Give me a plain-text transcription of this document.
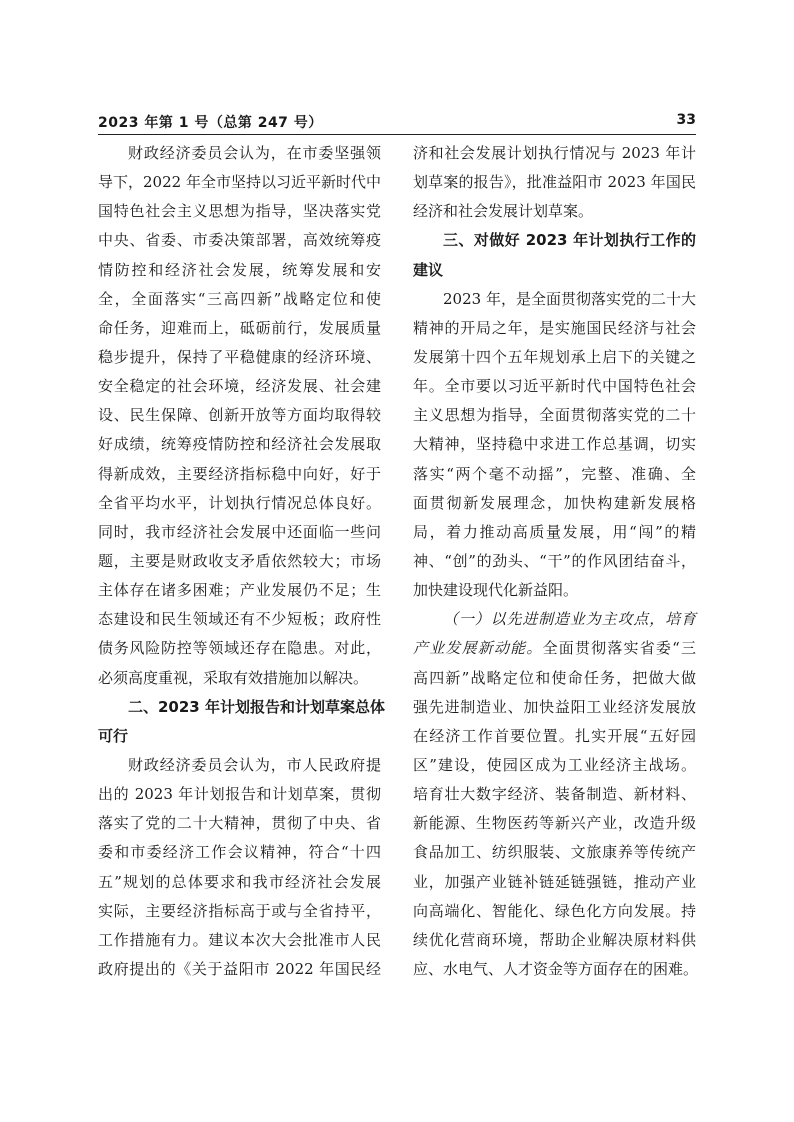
2023 年第 1 号（总第 247 号）	33
财政经济委员会认为，在市委坚强领
导下，2022 年全市坚持以习近平新时代中
国特色社会主义思想为指导，坚决落实党
中央、省委、市委决策部署，高效统筹疫
情防控和经济社会发展，统筹发展和安
全，全面落实“三高四新”战略定位和使
命任务，迎难而上，砥砺前行，发展质量
稳步提升，保持了平稳健康的经济环境、
安全稳定的社会环境，经济发展、社会建
设、民生保障、创新开放等方面均取得较
好成绩，统筹疫情防控和经济社会发展取
得新成效，主要经济指标稳中向好，好于
全省平均水平，计划执行情况总体良好。
同时，我市经济社会发展中还面临一些问
题，主要是财政收支矛盾依然较大；市场
主体存在诸多困难；产业发展仍不足；生
态建设和民生领域还有不少短板；政府性
债务风险防控等领域还存在隐患。对此，
必须高度重视，采取有效措施加以解决。
二、2023 年计划报告和计划草案总体
可行
财政经济委员会认为，市人民政府提
出的 2023 年计划报告和计划草案，贯彻
落实了党的二十大精神，贯彻了中央、省
委和市委经济工作会议精神，符合“十四
五”规划的总体要求和我市经济社会发展
实际，主要经济指标高于或与全省持平，
工作措施有力。建议本次大会批准市人民
政府提出的《关于益阳市 2022 年国民经
济和社会发展计划执行情况与 2023 年计
划草案的报告》，批准益阳市 2023 年国民
经济和社会发展计划草案。
三、对做好 2023 年计划执行工作的
建议
2023 年，是全面贯彻落实党的二十大
精神的开局之年，是实施国民经济与社会
发展第十四个五年规划承上启下的关键之
年。全市要以习近平新时代中国特色社会
主义思想为指导，全面贯彻落实党的二十
大精神，坚持稳中求进工作总基调，切实
落实“两个毫不动摇”，完整、准确、全
面贯彻新发展理念，加快构建新发展格
局，着力推动高质量发展，用“闯”的精
神、“创”的劲头、“干”的作风团结奋斗，
加快建设现代化新益阳。
（一）以先进制造业为主攻点，培育
产业发展新动能。全面贯彻落实省委“三
高四新”战略定位和使命任务，把做大做
强先进制造业、加快益阳工业经济发展放
在经济工作首要位置。扎实开展“五好园
区”建设，使园区成为工业经济主战场。
培育壮大数字经济、装备制造、新材料、
新能源、生物医药等新兴产业，改造升级
食品加工、纺织服装、文旅康养等传统产
业，加强产业链补链延链强链，推动产业
向高端化、智能化、绿色化方向发展。持
续优化营商环境，帮助企业解决原材料供
应、水电气、人才资金等方面存在的困难。
